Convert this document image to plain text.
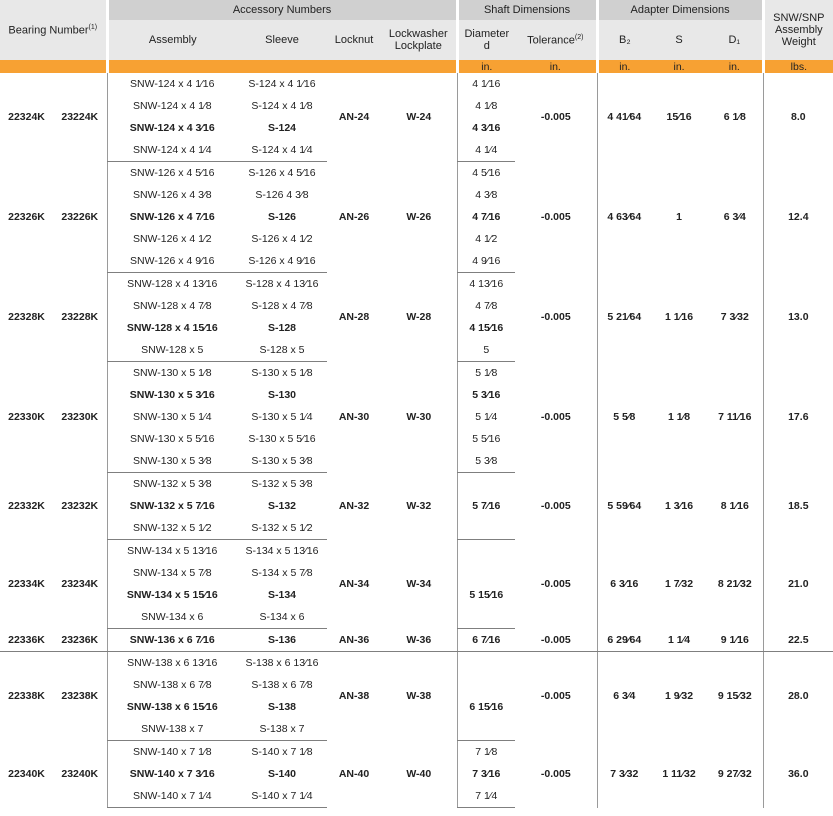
Bearing Number$^{(1)}$		Accessory Numbers				Shaft Dimensions		Adapter Dimensions			SNW/SNP
Assembly
Weight
		Assembly	Sleeve	Locknut	Lockwasher
Lockplate	Diameter
d	Tolerance$^{(2)}$	B₂	S	D₁	
						in.	in.	in.	in.	in.	lbs.
22324K	23224K	SNW-124 x 4 1⁄16	S-124 x 4 1⁄16	AN-24	W-24	4 1⁄16	-0.005	4 41⁄64	15⁄16	6 1⁄8	8.0
		SNW-124 x 4 1⁄8	S-124 x 4 1⁄8			4 1⁄8					
		SNW-124 x 4 3⁄16	S-124			4 3⁄16					
		SNW-124 x 4 1⁄4	S-124 x 4 1⁄4			4 1⁄4					
22326K	23226K	SNW-126 x 4 5⁄16	S-126 x 4 5⁄16	AN-26	W-26	4 5⁄16	-0.005	4 63⁄64	1	6 3⁄4	12.4
		SNW-126 x 4 3⁄8	S-126 4 3⁄8			4 3⁄8					
		SNW-126 x 4 7⁄16	S-126			4 7⁄16					
		SNW-126 x 4 1⁄2	S-126 x 4 1⁄2			4 1⁄2					
		SNW-126 x 4 9⁄16	S-126 x 4 9⁄16			4 9⁄16					
22328K	23228K	SNW-128 x 4 13⁄16	S-128 x 4 13⁄16	AN-28	W-28	4 13⁄16	-0.005	5 21⁄64	1 1⁄16	7 3⁄32	13.0
		SNW-128 x 4 7⁄8	S-128 x 4 7⁄8			4 7⁄8					
		SNW-128 x 4 15⁄16	S-128			4 15⁄16					
		SNW-128 x 5	S-128 x 5			5					
22330K	23230K	SNW-130 x 5 1⁄8	S-130 x 5 1⁄8	AN-30	W-30	5 1⁄8	-0.005	5 5⁄8	1 1⁄8	7 11⁄16	17.6
		SNW-130 x 5 3⁄16	S-130			5 3⁄16					
		SNW-130 x 5 1⁄4	S-130 x 5 1⁄4			5 1⁄4					
		SNW-130 x 5 5⁄16	S-130 x 5 5⁄16			5 5⁄16					
		SNW-130 x 5 3⁄8	S-130 x 5 3⁄8			5 3⁄8					
22332K	23232K	SNW-132 x 5 3⁄8	S-132 x 5 3⁄8	AN-32	W-32		-0.005	5 59⁄64	1 3⁄16	8 1⁄16	18.5
		SNW-132 x 5 7⁄16	S-132			5 7⁄16					
		SNW-132 x 5 1⁄2	S-132 x 5 1⁄2								
22334K	23234K	SNW-134 x 5 13⁄16	S-134 x 5 13⁄16	AN-34	W-34		-0.005	6 3⁄16	1 7⁄32	8 21⁄32	21.0
		SNW-134 x 5 7⁄8	S-134 x 5 7⁄8								
		SNW-134 x 5 15⁄16	S-134			5 15⁄16					
		SNW-134 x 6	S-134 x 6								
22336K	23236K	SNW-136 x 6 7⁄16	S-136	AN-36	W-36	6 7⁄16	-0.005	6 29⁄64	1 1⁄4	9 1⁄16	22.5
22338K	23238K	SNW-138 x 6 13⁄16	S-138 x 6 13⁄16	AN-38	W-38		-0.005	6 3⁄4	1 9⁄32	9 15⁄32	28.0
		SNW-138 x 6 7⁄8	S-138 x 6 7⁄8								
		SNW-138 x 6 15⁄16	S-138			6 15⁄16					
		SNW-138 x 7	S-138 x 7								
22340K	23240K	SNW-140 x 7 1⁄8	S-140 x 7 1⁄8	AN-40	W-40	7 1⁄8	-0.005	7 3⁄32	1 11⁄32	9 27⁄32	36.0
		SNW-140 x 7 3⁄16	S-140			7 3⁄16					
		SNW-140 x 7 1⁄4	S-140 x 7 1⁄4			7 1⁄4					
